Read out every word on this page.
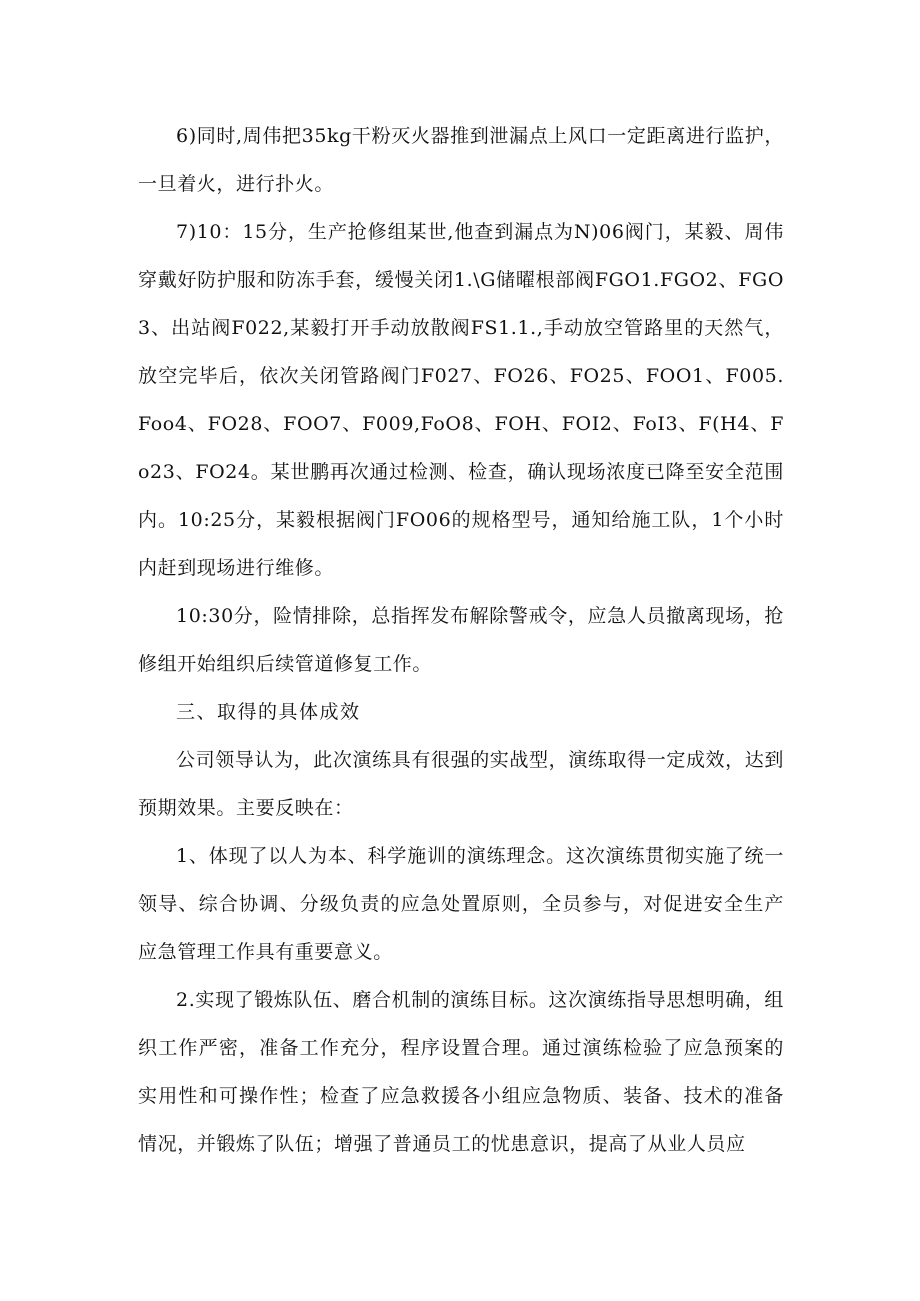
6)同时,周伟把35kg干粉灭火器推到泄漏点上风口一定距离进行监护，一旦着火，进行扑火。

7)10：15分，生产抢修组某世,他查到漏点为N)06阀门，某毅、周伟穿戴好防护服和防冻手套，缓慢关闭1.\G储曜根部阀FGO1.FGO2、FGO3、出站阀F022,某毅打开手动放散阀FS1.1.,手动放空管路里的天然气，放空完毕后，依次关闭管路阀门F027、FO26、FO25、FOO1、F005.Foo4、FO28、FOO7、F009,FoO8、FOH、FOI2、FoI3、F(H4、Fo23、FO24。某世鹏再次通过检测、检查，确认现场浓度已降至安全范围内。10:25分，某毅根据阀门FO06的规格型号，通知给施工队，1个小时内赶到现场进行维修。

10:30分，险情排除，总指挥发布解除警戒令，应急人员撤离现场，抢修组开始组织后续管道修复工作。

三、取得的具体成效

公司领导认为，此次演练具有很强的实战型，演练取得一定成效，达到预期效果。主要反映在：

1、体现了以人为本、科学施训的演练理念。这次演练贯彻实施了统一领导、综合协调、分级负责的应急处置原则，全员参与，对促进安全生产应急管理工作具有重要意义。

2.实现了锻炼队伍、磨合机制的演练目标。这次演练指导思想明确，组织工作严密，准备工作充分，程序设置合理。通过演练检验了应急预案的实用性和可操作性；检查了应急救援各小组应急物质、装备、技术的准备情况，并锻炼了队伍；增强了普通员工的忧患意识，提高了从业人员应
